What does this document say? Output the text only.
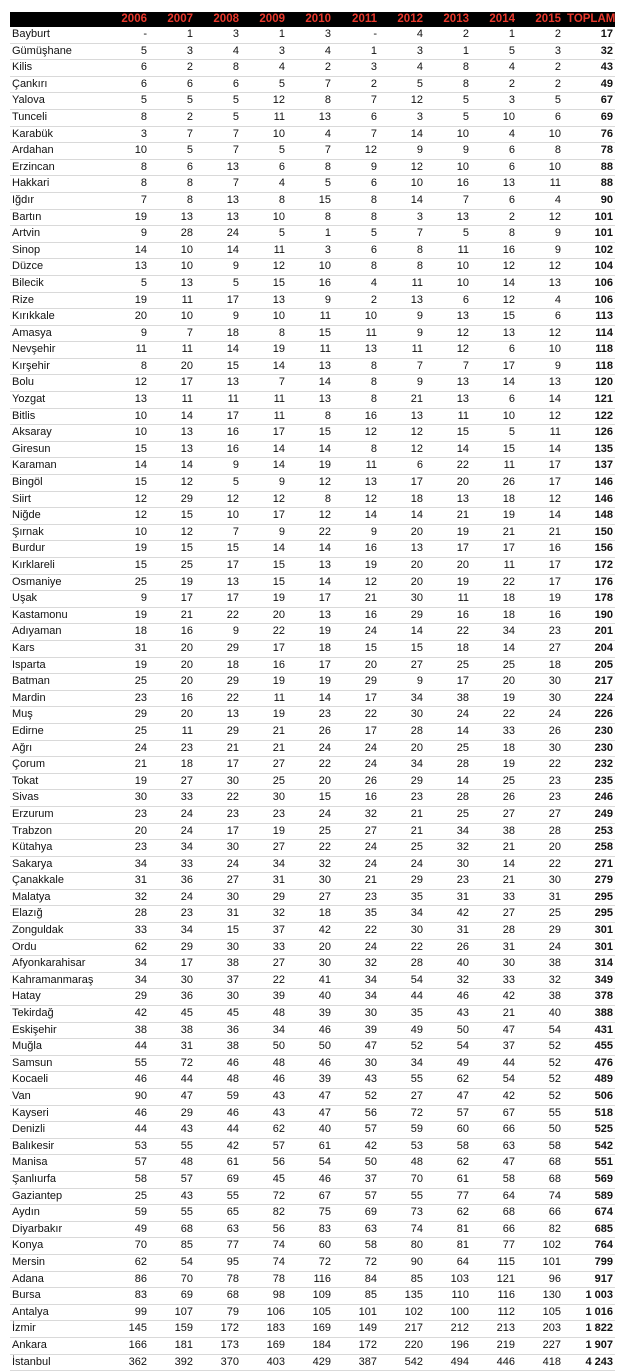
	2006	2007	2008	2009	2010	2011	2012	2013	2014	2015	TOPLAM
Bayburt	-	1	3	1	3	-	4	2	1	2	17
Gümüşhane	5	3	4	3	4	1	3	1	5	3	32
Kilis	6	2	8	4	2	3	4	8	4	2	43
Çankırı	6	6	6	5	7	2	5	8	2	2	49
Yalova	5	5	5	12	8	7	12	5	3	5	67
Tunceli	8	2	5	11	13	6	3	5	10	6	69
Karabük	3	7	7	10	4	7	14	10	4	10	76
Ardahan	10	5	7	5	7	12	9	9	6	8	78
Erzincan	8	6	13	6	8	9	12	10	6	10	88
Hakkari	8	8	7	4	5	6	10	16	13	11	88
Iğdır	7	8	13	8	15	8	14	7	6	4	90
Bartın	19	13	13	10	8	8	3	13	2	12	101
Artvin	9	28	24	5	1	5	7	5	8	9	101
Sinop	14	10	14	11	3	6	8	11	16	9	102
Düzce	13	10	9	12	10	8	8	10	12	12	104
Bilecik	5	13	5	15	16	4	11	10	14	13	106
Rize	19	11	17	13	9	2	13	6	12	4	106
Kırıkkale	20	10	9	10	11	10	9	13	15	6	113
Amasya	9	7	18	8	15	11	9	12	13	12	114
Nevşehir	11	11	14	19	11	13	11	12	6	10	118
Kırşehir	8	20	15	14	13	8	7	7	17	9	118
Bolu	12	17	13	7	14	8	9	13	14	13	120
Yozgat	13	11	11	11	13	8	21	13	6	14	121
Bitlis	10	14	17	11	8	16	13	11	10	12	122
Aksaray	10	13	16	17	15	12	12	15	5	11	126
Giresun	15	13	16	14	14	8	12	14	15	14	135
Karaman	14	14	9	14	19	11	6	22	11	17	137
Bingöl	15	12	5	9	12	13	17	20	26	17	146
Siirt	12	29	12	12	8	12	18	13	18	12	146
Niğde	12	15	10	17	12	14	14	21	19	14	148
Şırnak	10	12	7	9	22	9	20	19	21	21	150
Burdur	19	15	15	14	14	16	13	17	17	16	156
Kırklareli	15	25	17	15	13	19	20	20	11	17	172
Osmaniye	25	19	13	15	14	12	20	19	22	17	176
Uşak	9	17	17	19	17	21	30	11	18	19	178
Kastamonu	19	21	22	20	13	16	29	16	18	16	190
Adıyaman	18	16	9	22	19	24	14	22	34	23	201
Kars	31	20	29	17	18	15	15	18	14	27	204
Isparta	19	20	18	16	17	20	27	25	25	18	205
Batman	25	20	29	19	19	29	9	17	20	30	217
Mardin	23	16	22	11	14	17	34	38	19	30	224
Muş	29	20	13	19	23	22	30	24	22	24	226
Edirne	25	11	29	21	26	17	28	14	33	26	230
Ağrı	24	23	21	21	24	24	20	25	18	30	230
Çorum	21	18	17	27	22	24	34	28	19	22	232
Tokat	19	27	30	25	20	26	29	14	25	23	235
Sivas	30	33	22	30	15	16	23	28	26	23	246
Erzurum	23	24	23	23	24	32	21	25	27	27	249
Trabzon	20	24	17	19	25	27	21	34	38	28	253
Kütahya	23	34	30	27	22	24	25	32	21	20	258
Sakarya	34	33	24	34	32	24	24	30	14	22	271
Çanakkale	31	36	27	31	30	21	29	23	21	30	279
Malatya	32	24	30	29	27	23	35	31	33	31	295
Elazığ	28	23	31	32	18	35	34	42	27	25	295
Zonguldak	33	34	15	37	42	22	30	31	28	29	301
Ordu	62	29	30	33	20	24	22	26	31	24	301
Afyonkarahisar	34	17	38	27	30	32	28	40	30	38	314
Kahramanmaraş	34	30	37	22	41	34	54	32	33	32	349
Hatay	29	36	30	39	40	34	44	46	42	38	378
Tekirdağ	42	45	45	48	39	30	35	43	21	40	388
Eskişehir	38	38	36	34	46	39	49	50	47	54	431
Muğla	44	31	38	50	50	47	52	54	37	52	455
Samsun	55	72	46	48	46	30	34	49	44	52	476
Kocaeli	46	44	48	46	39	43	55	62	54	52	489
Van	90	47	59	43	47	52	27	47	42	52	506
Kayseri	46	29	46	43	47	56	72	57	67	55	518
Denizli	44	43	44	62	40	57	59	60	66	50	525
Balıkesir	53	55	42	57	61	42	53	58	63	58	542
Manisa	57	48	61	56	54	50	48	62	47	68	551
Şanlıurfa	58	57	69	45	46	37	70	61	58	68	569
Gaziantep	25	43	55	72	67	57	55	77	64	74	589
Aydın	59	55	65	82	75	69	73	62	68	66	674
Diyarbakır	49	68	63	56	83	63	74	81	66	82	685
Konya	70	85	77	74	60	58	80	81	77	102	764
Mersin	62	54	95	74	72	72	90	64	115	101	799
Adana	86	70	78	78	116	84	85	103	121	96	917
Bursa	83	69	68	98	109	85	135	110	116	130	1 003
Antalya	99	107	79	106	105	101	102	100	112	105	1 016
İzmir	145	159	172	183	169	149	217	212	213	203	1 822
Ankara	166	181	173	169	184	172	220	196	219	227	1 907
İstanbul	362	392	370	403	429	387	542	494	446	418	4 243
